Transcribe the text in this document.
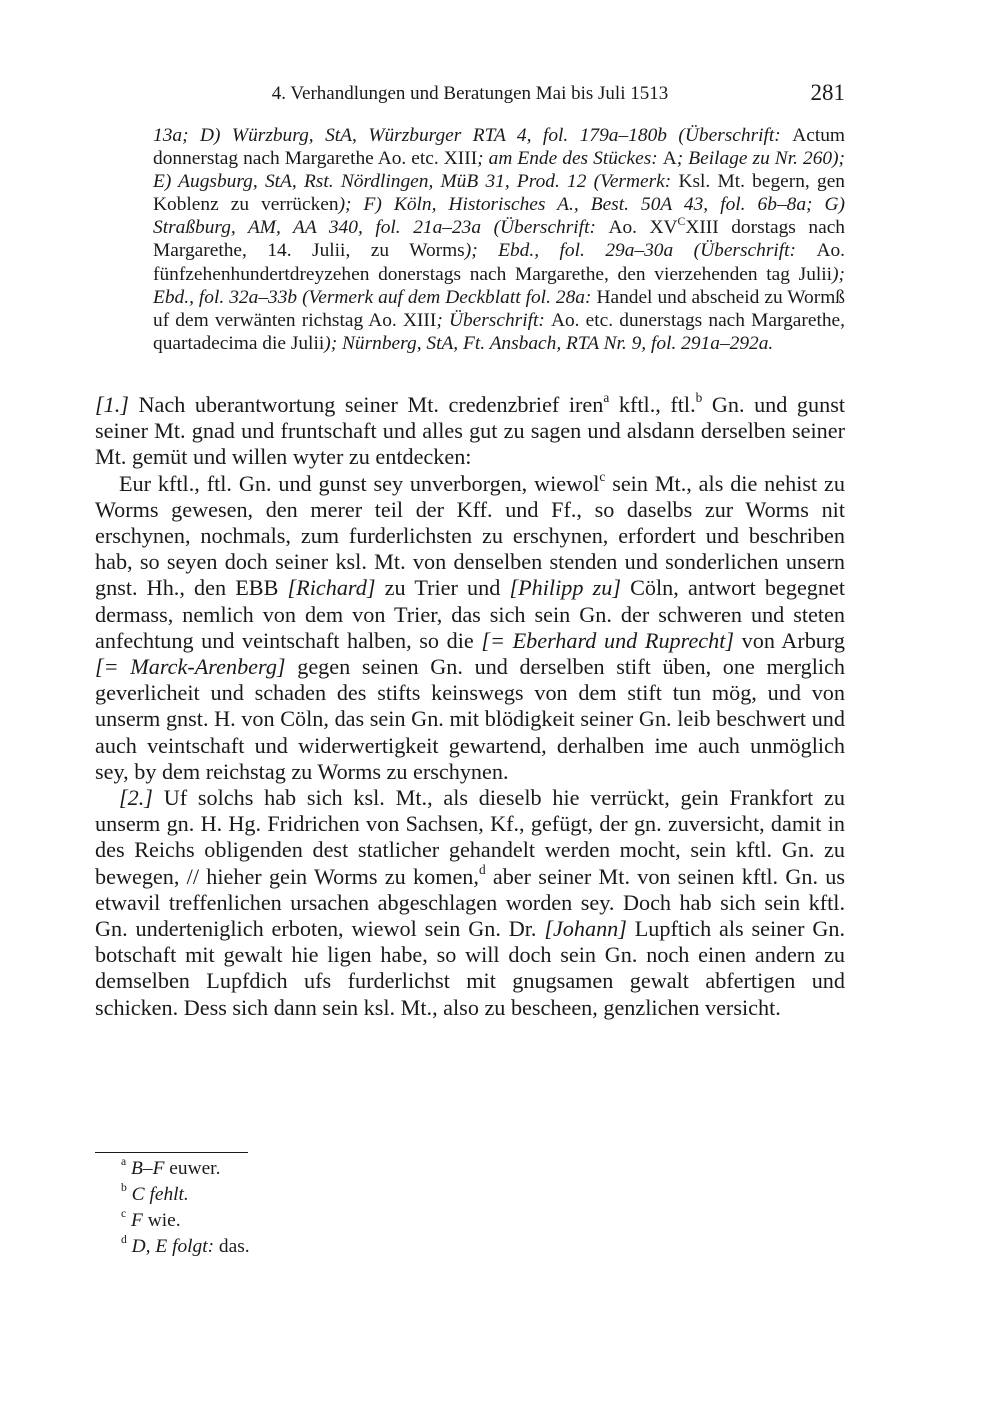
4. Verhandlungen und Beratungen Mai bis Juli 1513	281
13a; D) Würzburg, StA, Würzburger RTA 4, fol. 179a–180b (Überschrift: Actum donnerstag nach Margarethe Ao. etc. XIII; am Ende des Stückes: A; Beilage zu Nr. 260); E) Augsburg, StA, Rst. Nördlingen, MüB 31, Prod. 12 (Vermerk: Ksl. Mt. begern, gen Koblenz zu verrücken); F) Köln, Historisches A., Best. 50A 43, fol. 6b–8a; G) Straßburg, AM, AA 340, fol. 21a–23a (Überschrift: Ao. $XV^CXIII$ dorstags nach Margarethe, 14. Julii, zu Worms); Ebd., fol. 29a–30a (Überschrift: Ao. fünfzehenhundertdreyzehen donerstags nach Margarethe, den vierzehenden tag Julii); Ebd., fol. 32a–33b (Vermerk auf dem Deckblatt fol. 28a: Handel und abscheid zu Wormß uf dem verwänten richstag Ao. XIII; Überschrift: Ao. etc. dunerstags nach Margarethe, quartadecima die Julii); Nürnberg, StA, Ft. Ansbach, RTA Nr. 9, fol. 291a–292a.

[1.] Nach uberantwortung seiner Mt. credenzbrief iren$^a$ kftl., ftl.$^b$ Gn. und gunst seiner Mt. gnad und fruntschaft und alles gut zu sagen und alsdann derselben seiner Mt. gemüt und willen wyter zu entdecken:

Eur kftl., ftl. Gn. und gunst sey unverborgen, wiewol$^c$ sein Mt., als die nehist zu Worms gewesen, den merer teil der Kff. und Ff., so daselbs zur Worms nit erschynen, nochmals, zum furderlichsten zu erschynen, erfordert und beschriben hab, so seyen doch seiner ksl. Mt. von denselben stenden und sonderlichen unsern gnst. Hh., den EBB [Richard] zu Trier und [Philipp zu] Cöln, antwort begegnet dermass, nemlich von dem von Trier, das sich sein Gn. der schweren und steten anfechtung und veintschaft halben, so die [= Eberhard und Ruprecht] von Arburg [= Marck-Arenberg] gegen seinen Gn. und derselben stift üben, one merglich geverlicheit und schaden des stifts keinswegs von dem stift tun mög, und von unserm gnst. H. von Cöln, das sein Gn. mit blödigkeit seiner Gn. leib beschwert und auch veintschaft und widerwertigkeit gewartend, derhalben ime auch unmöglich sey, by dem reichstag zu Worms zu erschynen.

[2.] Uf solchs hab sich ksl. Mt., als dieselb hie verrückt, gein Frankfort zu unserm gn. H. Hg. Fridrichen von Sachsen, Kf., gefügt, der gn. zuversicht, damit in des Reichs obligenden dest statlicher gehandelt werden mocht, sein kftl. Gn. zu bewegen, // hieher gein Worms zu komen,$^d$ aber seiner Mt. von seinen kftl. Gn. us etwavil treffenlichen ursachen abgeschlagen worden sey. Doch hab sich sein kftl. Gn. underteniglich erboten, wiewol sein Gn. Dr. [Johann] Lupftich als seiner Gn. botschaft mit gewalt hie ligen habe, so will doch sein Gn. noch einen andern zu demselben Lupfdich ufs furderlichst mit gnugsamen gewalt abfertigen und schicken. Dess sich dann sein ksl. Mt., also zu bescheen, genzlichen versicht.

$^a$ B–F euwer.
$^b$ C fehlt.
$^c$ F wie.
$^d$ D, E folgt: das.
